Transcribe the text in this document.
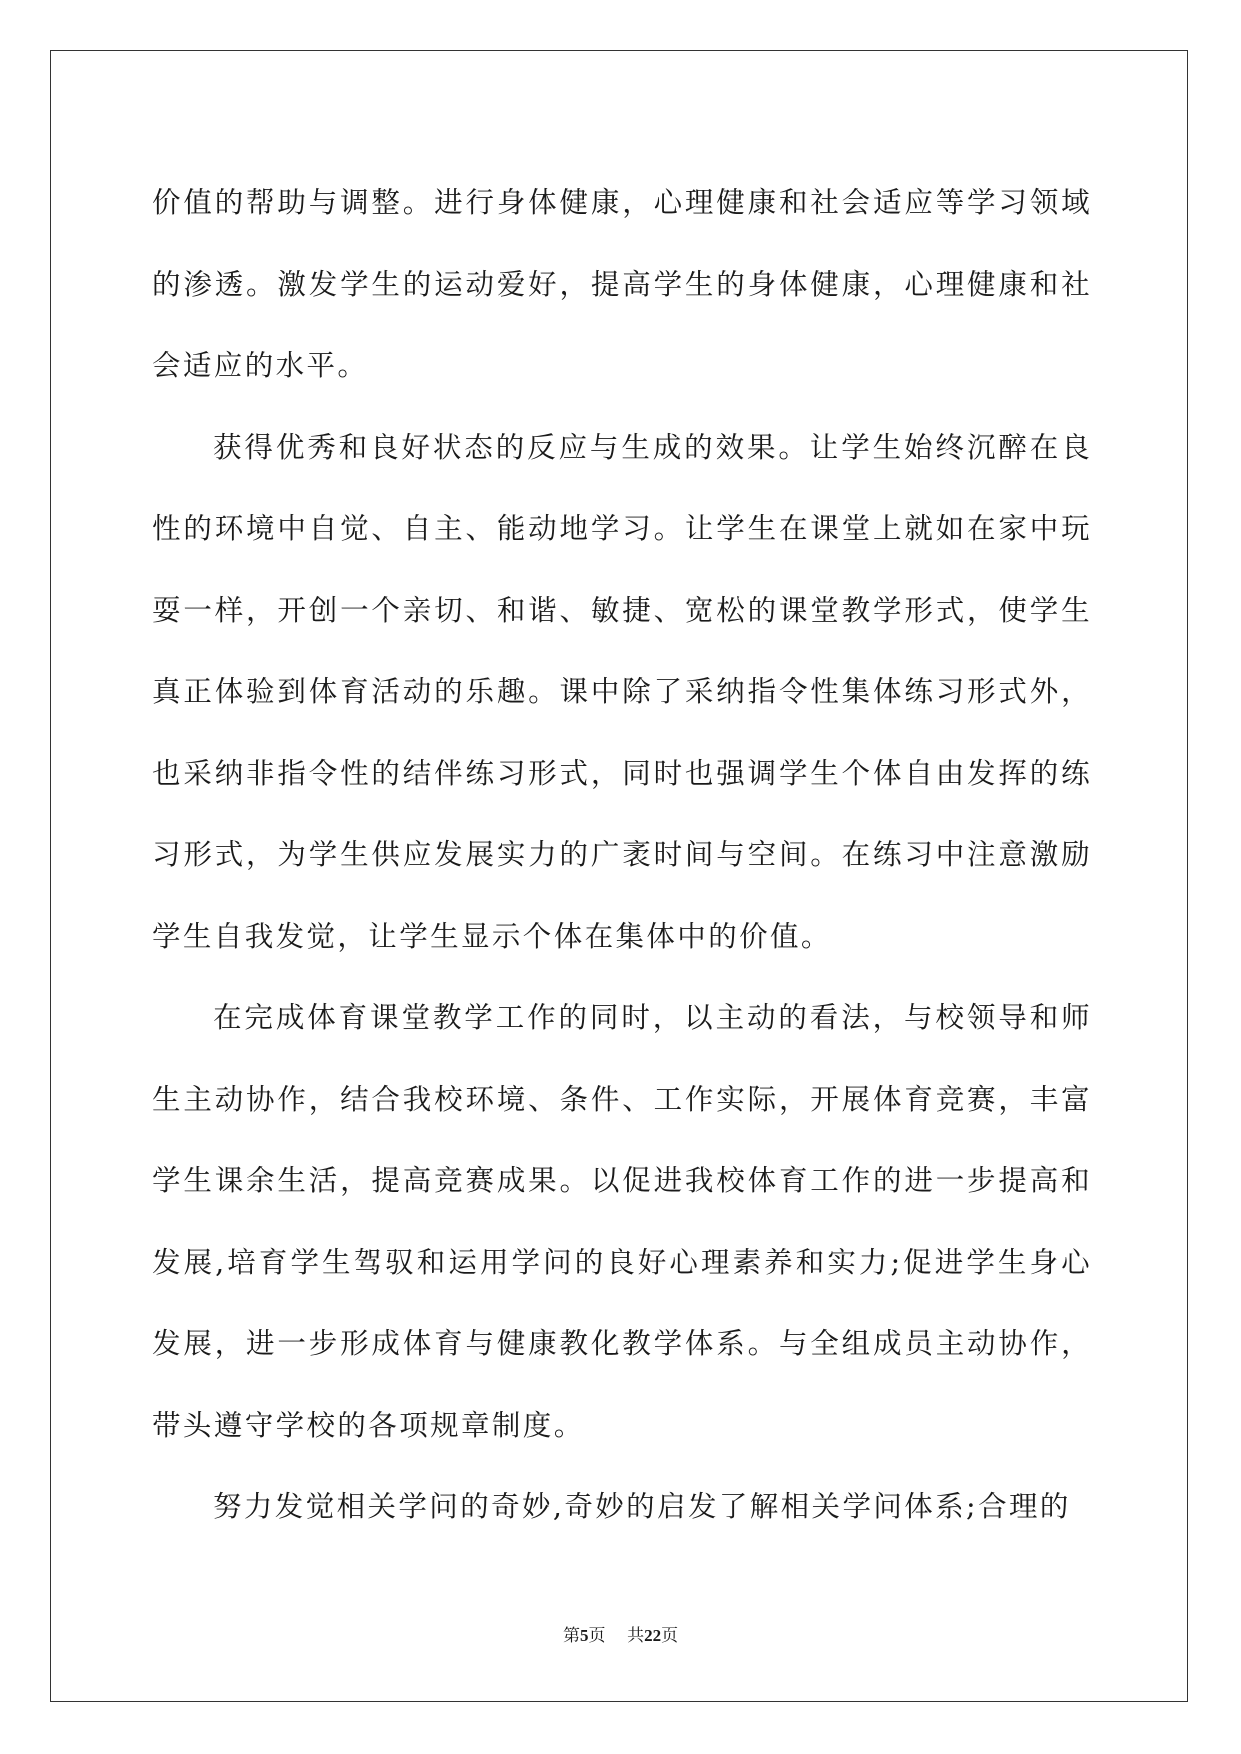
价值的帮助与调整。进行身体健康，心理健康和社会适应等学习领域的渗透。激发学生的运动爱好，提高学生的身体健康，心理健康和社会适应的水平。

获得优秀和良好状态的反应与生成的效果。让学生始终沉醉在良性的环境中自觉、自主、能动地学习。让学生在课堂上就如在家中玩耍一样，开创一个亲切、和谐、敏捷、宽松的课堂教学形式，使学生真正体验到体育活动的乐趣。课中除了采纳指令性集体练习形式外，也采纳非指令性的结伴练习形式，同时也强调学生个体自由发挥的练习形式，为学生供应发展实力的广袤时间与空间。在练习中注意激励学生自我发觉，让学生显示个体在集体中的价值。

在完成体育课堂教学工作的同时，以主动的看法，与校领导和师生主动协作，结合我校环境、条件、工作实际，开展体育竞赛，丰富学生课余生活，提高竞赛成果。以促进我校体育工作的进一步提高和发展,培育学生驾驭和运用学问的良好心理素养和实力;促进学生身心发展，进一步形成体育与健康教化教学体系。与全组成员主动协作，带头遵守学校的各项规章制度。

努力发觉相关学问的奇妙,奇妙的启发了解相关学问体系;合理的

第5页 共22页
